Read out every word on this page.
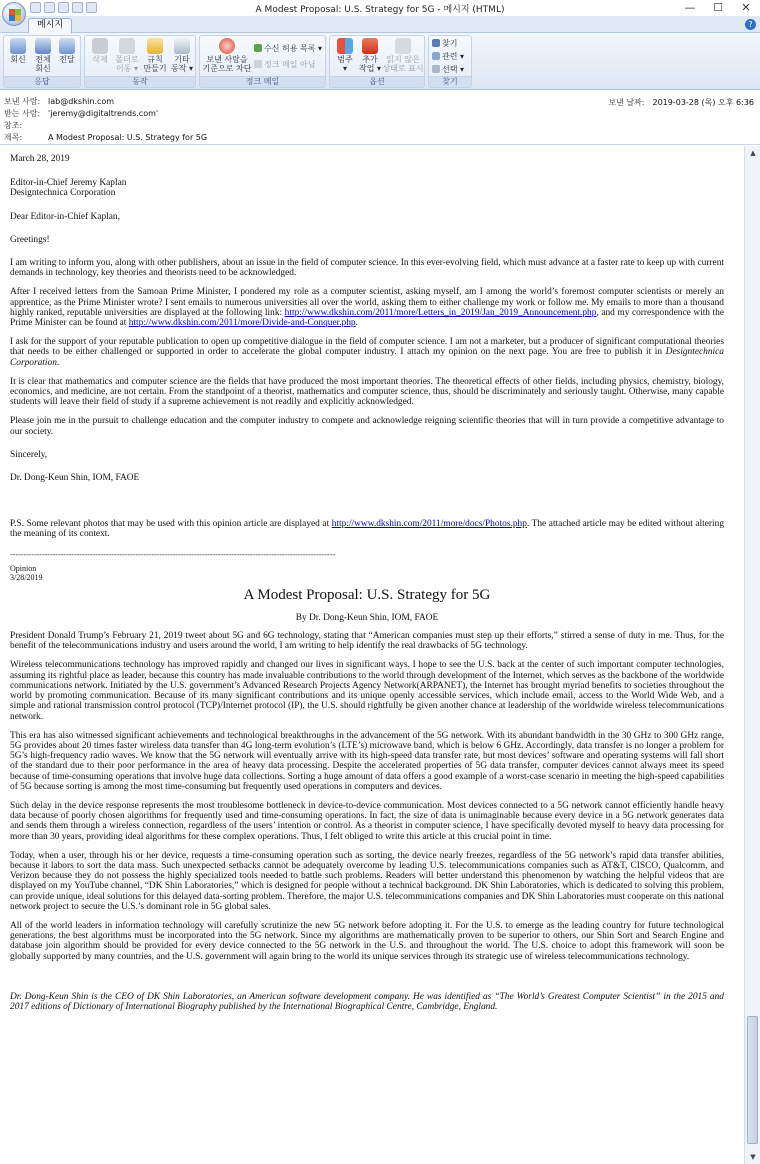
A Modest Proposal: U.S. Strategy for 5G - 메시지 (HTML)	—	☐	✕
메시지	?
회신	전체
회신
전달
응답
삭제 폴더로
이동 ▾
규칙
만들기
기타
동작 ▾
동작
보낸 사람을
기준으로 차단
수신 허용 목록 ▾
정크 메일 아님
정크 메일
범주
▾
추가
작업 ▾
읽지 않은
상태로 표시
옵션
찾기
관련 ▾
선택 ▾
찾기
보낸 사람: lab@dkshin.com
받는 사람: 'jeremy@digitaltrends.com'
참조:
제목:	A Modest Proposal: U.S. Strategy for 5G
보낸 날짜: 2019-03-28 (목) 오후 6:36

March 28, 2019

Editor-in-Chief Jeremy Kaplan
Designtechnica Corporation

Dear Editor-in-Chief Kaplan,

Greetings!

I am writing to inform you, along with other publishers, about an issue in the field of computer science. In this ever-evolving field, which must advance at a faster rate to keep up with current demands in technology, key theories and theorists need to be acknowledged.

After I received letters from the Samoan Prime Minister, I pondered my role as a computer scientist, asking myself, am I among the world’s foremost computer scientists or merely an apprentice, as the Prime Minister wrote? I sent emails to numerous universities all over the world, asking them to either challenge my work or follow me. My emails to more than a thousand highly ranked, reputable universities are displayed at the following link: http://www.dkshin.com/2011/more/Letters_in_2019/Jan_2019_Announcement.php, and my correspondence with the Prime Minister can be found at http://www.dkshin.com/2011/more/Divide-and-Conquer.php.

I ask for the support of your reputable publication to open up competitive dialogue in the field of computer science. I am not a marketer, but a producer of significant computational theories that needs to be either challenged or supported in order to accelerate the global computer industry. I attach my opinion on the next page. You are free to publish it in Designtechnica Corporation.

It is clear that mathematics and computer science are the fields that have produced the most important theories. The theoretical effects of other fields, including physics, chemistry, biology, economics, and medicine, are not certain. From the standpoint of a theorist, mathematics and computer science, thus, should be discriminately and seriously taught. Otherwise, many capable students will leave their field of study if a supreme achievement is not readily and explicitly acknowledged.

Please join me in the pursuit to challenge education and the computer industry to compete and acknowledge reigning scientific theories that will in turn provide a competitive advantage to our society.

Sincerely,

Dr. Dong-Keun Shin, IOM, FAOE

P.S. Some relevant photos that may be used with this opinion article are displayed at http://www.dkshin.com/2011/more/docs/Photos.php. The attached article may be edited without altering the meaning of its context.

--------------------------------------------------------------------------------------------------------------------------
Opinion
3/28/2019
A Modest Proposal: U.S. Strategy for 5G
By Dr. Dong-Keun Shin, IOM, FAOE

President Donald Trump’s February 21, 2019 tweet about 5G and 6G technology, stating that “American companies must step up their efforts,” stirred a sense of duty in me. Thus, for the benefit of the telecommunications industry and users around the world, I am writing to help identify the real drawbacks of 5G technology.

Wireless telecommunications technology has improved rapidly and changed our lives in significant ways. I hope to see the U.S. back at the center of such important computer technologies, assuming its rightful place as leader, because this country has made invaluable contributions to the world through development of the Internet, which serves as the backbone of the worldwide communications network. Initiated by the U.S. government’s Advanced Research Projects Agency Network(ARPANET), the Internet has brought myriad benefits to societies throughout the world by promoting communication. Because of its many significant contributions and its unique openly accessible services, which include email, access to the World Wide Web, and a simple and rational transmission control protocol (TCP)/Internet protocol (IP), the U.S. should rightfully be given another chance at leadership of the worldwide wireless telecommunications network.

This era has also witnessed significant achievements and technological breakthroughs in the advancement of the 5G network. With its abundant bandwidth in the 30 GHz to 300 GHz range, 5G provides about 20 times faster wireless data transfer than 4G long-term evolution’s (LTE’s) microwave band, which is below 6 GHz. Accordingly, data transfer is no longer a problem for 5G’s high-frequency radio waves. We know that the 5G network will eventually arrive with its high-speed data transfer rate, but most devices’ software and operating systems will fall short of the standard due to their poor performance in the area of heavy data processing. Despite the accelerated properties of 5G data transfer, computer devices cannot always meet its speed because of time-consuming operations that involve huge data collections. Sorting a huge amount of data offers a good example of a worst-case scenario in meeting the high-speed capabilities of 5G because sorting is among the most time-consuming but frequently used operations in computers and devices.

Such delay in the device response represents the most troublesome bottleneck in device-to-device communication. Most devices connected to a 5G network cannot efficiently handle heavy data because of poorly chosen algorithms for frequently used and time-consuming operations. In fact, the size of data is unimaginable because every device in a 5G network generates data and sends them through a wireless connection, regardless of the users’ intention or control. As a theorist in computer science, I have specifically devoted myself to heavy data processing for more than 30 years, providing ideal algorithms for these complex operations. Thus, I felt obliged to write this article at this crucial point in time.

Today, when a user, through his or her device, requests a time-consuming operation such as sorting, the device nearly freezes, regardless of the 5G network’s rapid data transfer abilities, because it labors to sort the data mass. Such unexpected setbacks cannot be adequately overcome by leading U.S. telecommunications companies such as AT&T, CISCO, Qualcomm, and Verizon because they do not possess the highly specialized tools needed to battle such problems. Readers will better understand this phenomenon by watching the helpful videos that are displayed on my YouTube channel, “DK Shin Laboratories,” which is designed for people without a technical background. DK Shin Laboratories, which is dedicated to solving this problem, can provide unique, ideal solutions for this delayed data-sorting problem. Therefore, the major U.S. telecommunications companies and DK Shin Laboratories must cooperate on this national network project to secure the U.S.’s dominant role in 5G global sales.

All of the world leaders in information technology will carefully scrutinize the new 5G network before adopting it. For the U.S. to emerge as the leading country for future technological generations, the best algorithms must be incorporated into the 5G network. Since my algorithms are mathematically proven to be superior to others, our Shin Sort and Search Engine and database join algorithm should be provided for every device connected to the 5G network in the U.S. and throughout the world. The U.S. choice to adopt this framework will soon be globally supported by many countries, and the U.S. government will again bring to the world its unique services through its strategic use of wireless telecommunications technology.

Dr. Dong-Keun Shin is the CEO of DK Shin Laboratories, an American software development company. He was identified as “The World’s Greatest Computer Scientist” in the 2015 and 2017 editions of Dictionary of International Biography published by the International Biographical Centre, Cambridge, England.

▲
▼
